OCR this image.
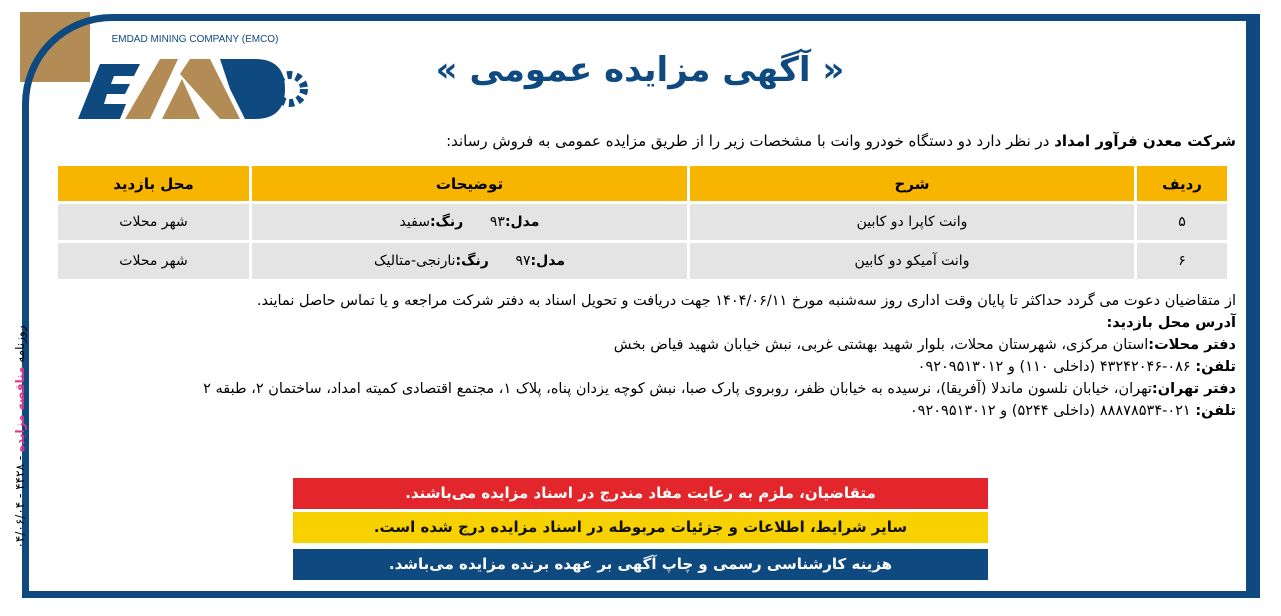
EMDAD MINING COMPANY (EMCO)
« آگهی مزایده عمومی »
شرکت معدن فرآور امداد در نظر دارد دو دستگاه خودرو وانت با مشخصات زیر را از طریق مزایده عمومی به فروش رساند:
ردیف	شرح	توضیحات	محل بازدید
۵	وانت کاپرا دو کابین	مدل:۹۳      رنگ:سفید	شهر محلات
۶	وانت آمیکو دو کابین	مدل:۹۷      رنگ:نارنجی-متالیک	شهر محلات
از متقاضیان دعوت می گردد حداکثر تا پایان وقت اداری روز سه‌شنبه مورخ ۱۴۰۴/۰۶/۱۱ جهت دریافت و تحویل اسناد به دفتر شرکت مراجعه و یا تماس حاصل نمایند.
آدرس محل بازدید:
دفتر محلات:استان مرکزی، شهرستان محلات، بلوار شهید بهشتی غربی، نبش خیابان شهید فیاض بخش
تلفن: ۰۸۶-۴۳۲۴۲۰۴۶ (داخلی ۱۱۰) و ۰۹۲۰۹۵۱۳۰۱۲
دفتر تهران:تهران، خیابان نلسون ماندلا (آفریقا)، نرسیده به خیابان ظفر، روبروی پارک صبا، نبش کوچه یزدان پناه، پلاک ۱، مجتمع اقتصادی کمیته امداد، ساختمان ۲، طبقه ۲
تلفن: ۰۲۱-۸۸۸۷۸۵۳۴ (داخلی ۵۲۴۴) و ۰۹۲۰۹۵۱۳۰۱۲
متقاضیان، ملزم به رعایت مفاد مندرج در اسناد مزایده می‌باشند.
سایر شرایط، اطلاعات و جزئیات مربوطه در اسناد مزایده درج شده است.
هزینه کارشناسی رسمی و چاپ آگهی بر عهده برنده مزایده می‌باشد.
روزنامه مناقصه مزایده - ۴۴۲۸ - ۰۴/۰۶/۰۴
